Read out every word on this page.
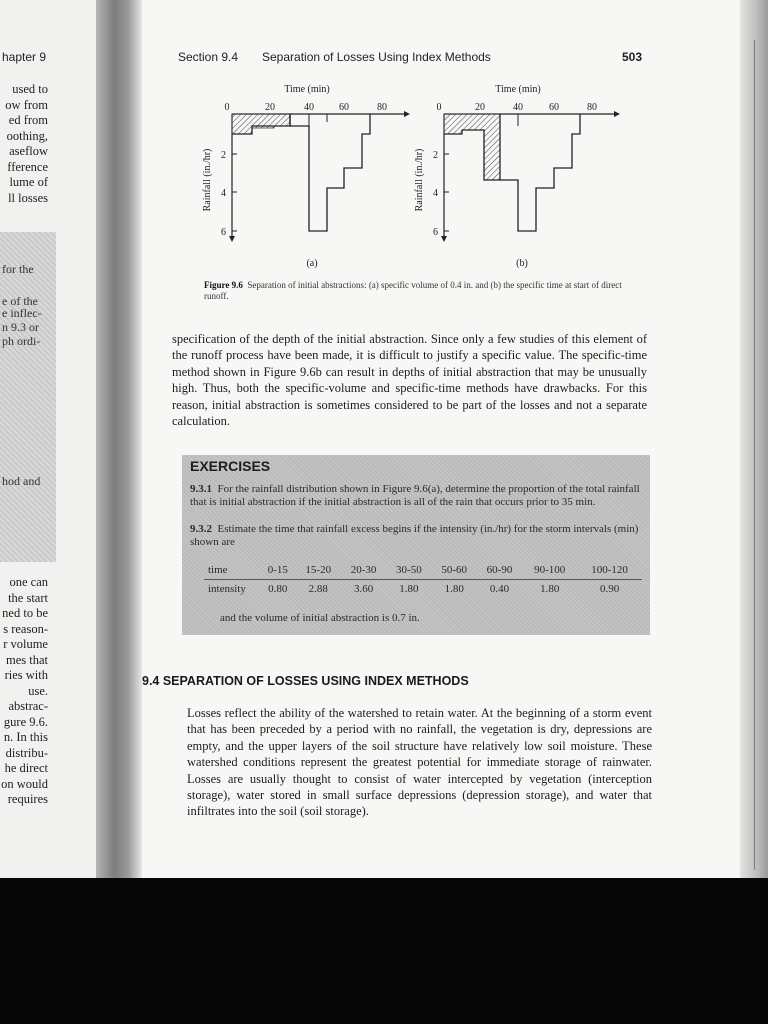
hapter 9
used to
ow from
ed from
oothing,
aseflow
fference
lume of
ll losses
for the
e of the
e inflec-
n 9.3 or
ph ordi-
hod and
one can
the start
ned to be
s reason-
r volume
mes that
ries with
use.
abstrac-
gure 9.6.
n. In this
distribu-
he direct
on would
requires
Section 9.4 Separation of Losses Using Index Methods	503
Time (min)
0	20	40	60	80
2
4
6
Rainfall (in./hr)
(a)
Time (min)
0	20	40	60	80
2
4
6
Rainfall (in./hr)
(b)
Figure 9.6 Separation of initial abstractions: (a) specific volume of 0.4 in. and (b) the specific time at start of direct runoff.
specification of the depth of the initial abstraction. Since only a few studies of this element of the runoff process have been made, it is difficult to justify a specific value. The specific-time method shown in Figure 9.6b can result in depths of initial abstraction that may be unusually high. Thus, both the specific-volume and specific-time methods have drawbacks. For this reason, initial abstraction is sometimes considered to be part of the losses and not a separate calculation.
EXERCISES
9.3.1 For the rainfall distribution shown in Figure 9.6(a), determine the proportion of the total rainfall that is initial abstraction if the initial abstraction is all of the rain that occurs prior to 35 min.
9.3.2 Estimate the time that rainfall excess begins if the intensity (in./hr) for the storm intervals (min) shown are
time	0-15	15-20	20-30	30-50	50-60	60-90	90-100	100-120
intensity	0.80	2.88	3.60	1.80	1.80	0.40	1.80	0.90
and the volume of initial abstraction is 0.7 in.
9.4 SEPARATION OF LOSSES USING INDEX METHODS
Losses reflect the ability of the watershed to retain water. At the beginning of a storm event that has been preceded by a period with no rainfall, the vegetation is dry, depressions are empty, and the upper layers of the soil structure have relatively low soil moisture. These watershed conditions represent the greatest potential for immediate storage of rainwater. Losses are usually thought to consist of water intercepted by vegetation (interception storage), water stored in small surface depressions (depression storage), and water that infiltrates into the soil (soil storage).
